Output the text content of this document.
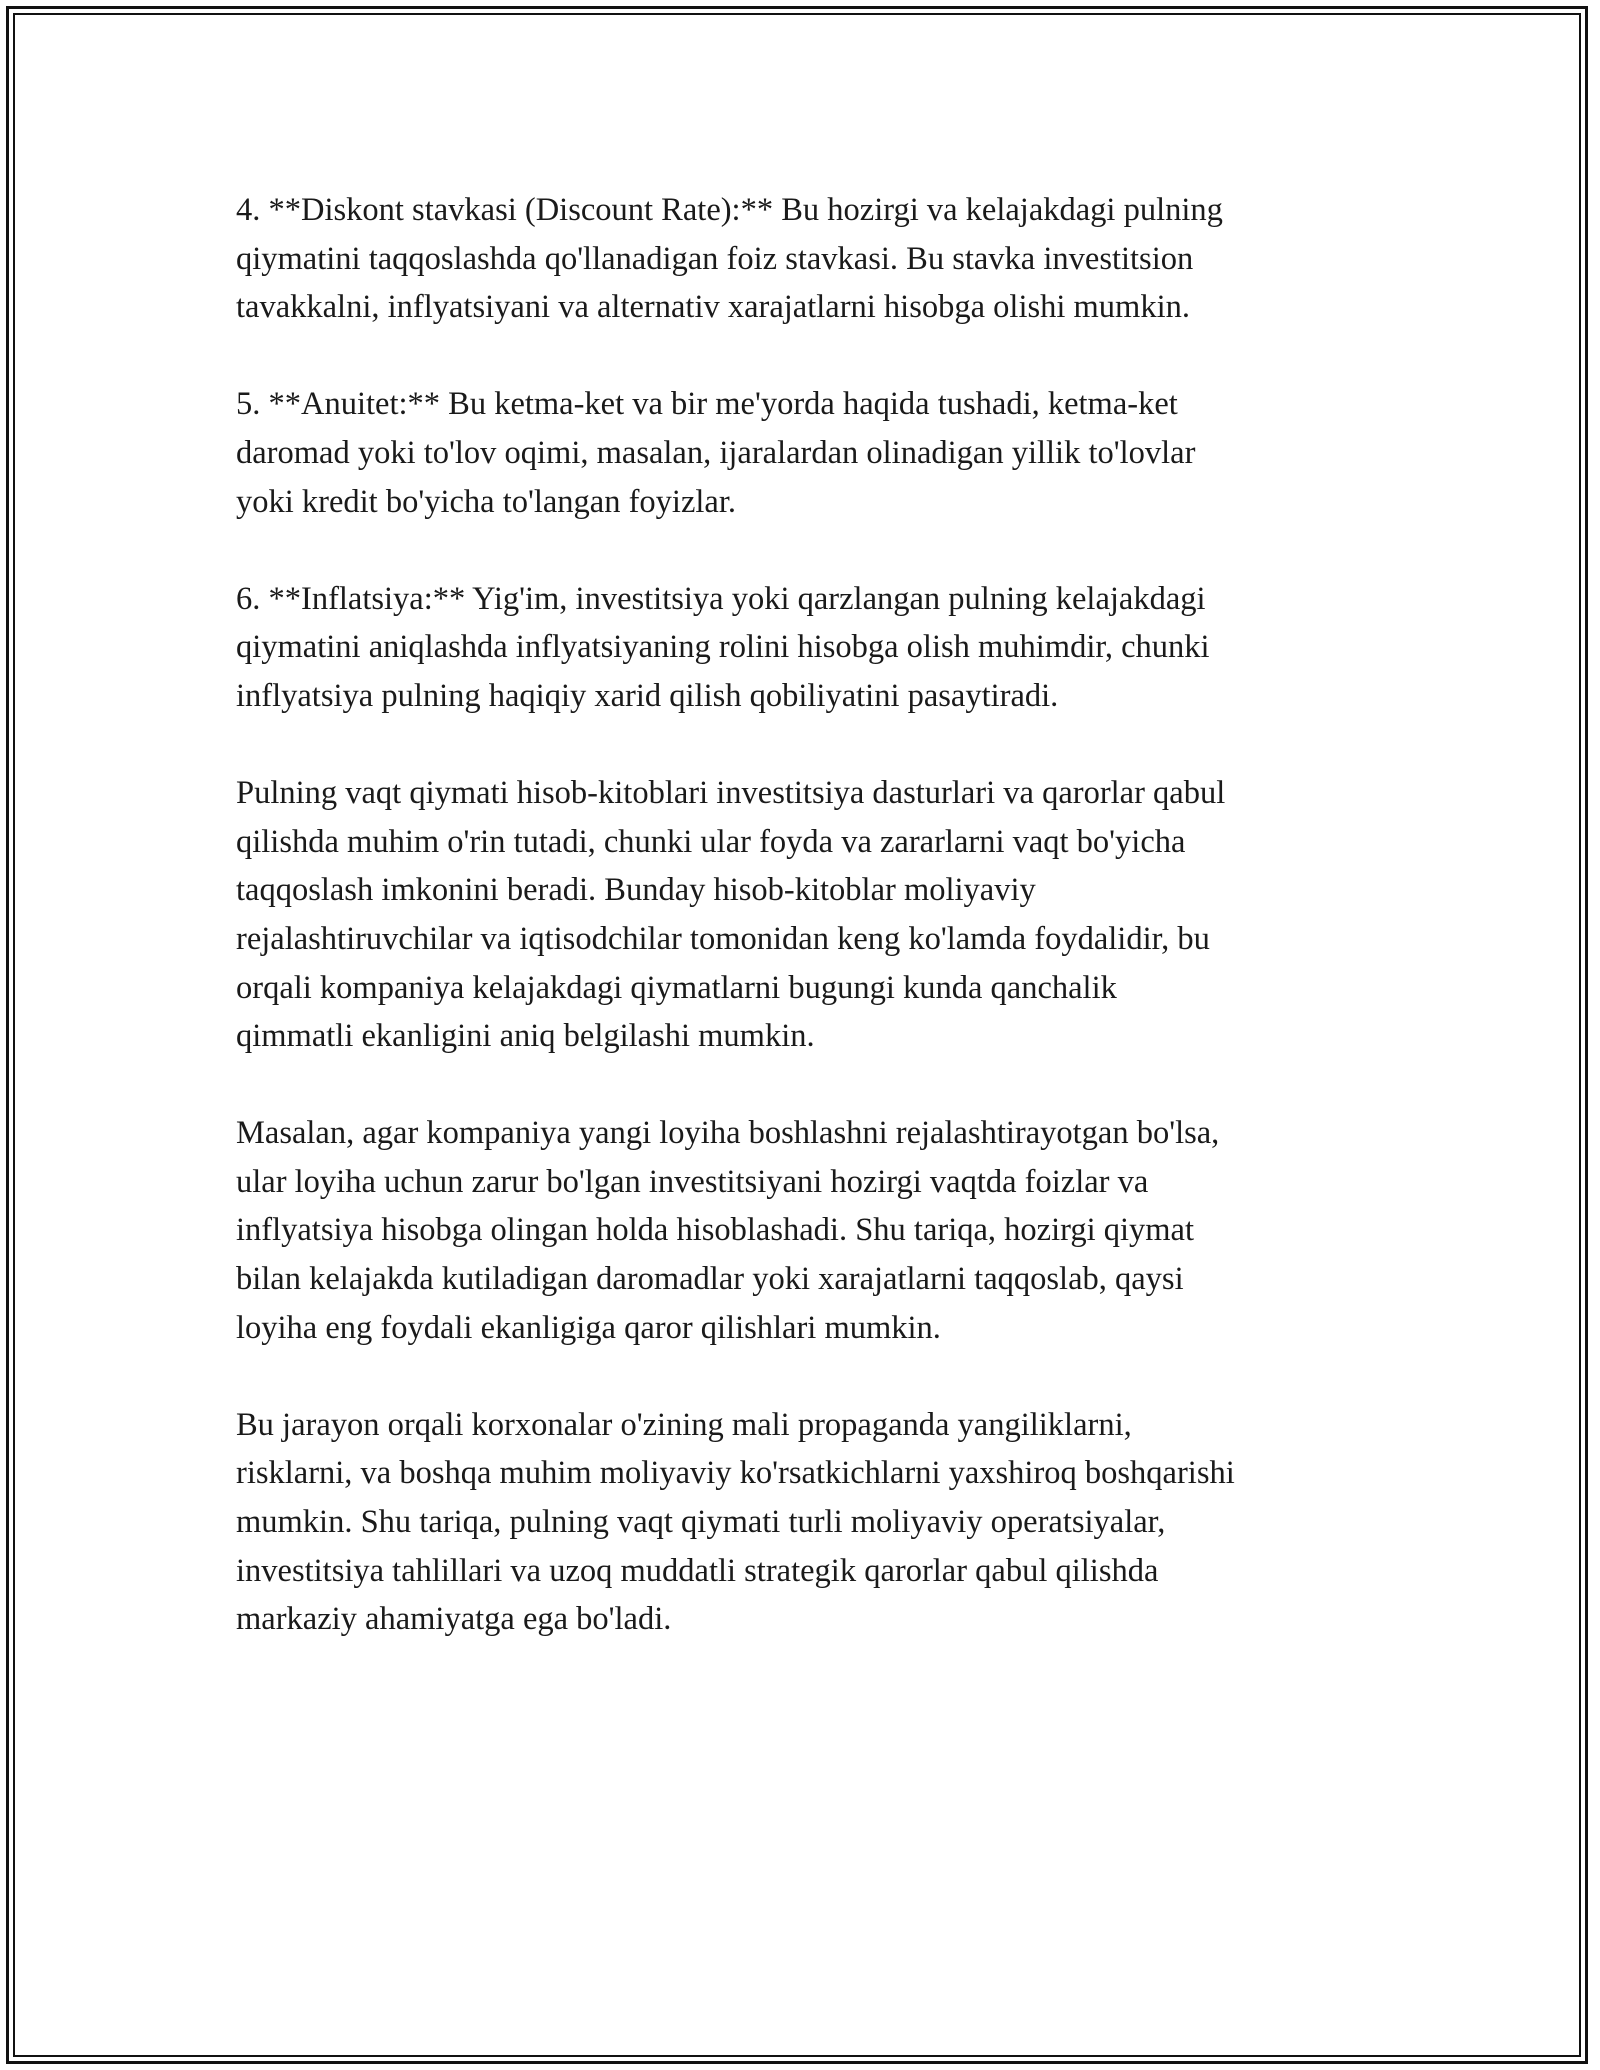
4. **Diskont stavkasi (Discount Rate):** Bu hozirgi va kelajakdagi pulning
qiymatini taqqoslashda qo'llanadigan foiz stavkasi. Bu stavka investitsion
tavakkalni, inflyatsiyani va alternativ xarajatlarni hisobga olishi mumkin.

5. **Anuitet:** Bu ketma-ket va bir me'yorda haqida tushadi, ketma-ket
daromad yoki to'lov oqimi, masalan, ijaralardan olinadigan yillik to'lovlar
yoki kredit bo'yicha to'langan foyizlar.

6. **Inflatsiya:** Yig'im, investitsiya yoki qarzlangan pulning kelajakdagi
qiymatini aniqlashda inflyatsiyaning rolini hisobga olish muhimdir, chunki
inflyatsiya pulning haqiqiy xarid qilish qobiliyatini pasaytiradi.

Pulning vaqt qiymati hisob-kitoblari investitsiya dasturlari va qarorlar qabul
qilishda muhim o'rin tutadi, chunki ular foyda va zararlarni vaqt bo'yicha
taqqoslash imkonini beradi. Bunday hisob-kitoblar moliyaviy
rejalashtiruvchilar va iqtisodchilar tomonidan keng ko'lamda foydalidir, bu
orqali kompaniya kelajakdagi qiymatlarni bugungi kunda qanchalik
qimmatli ekanligini aniq belgilashi mumkin.

Masalan, agar kompaniya yangi loyiha boshlashni rejalashtirayotgan bo'lsa,
ular loyiha uchun zarur bo'lgan investitsiyani hozirgi vaqtda foizlar va
inflyatsiya hisobga olingan holda hisoblashadi. Shu tariqa, hozirgi qiymat
bilan kelajakda kutiladigan daromadlar yoki xarajatlarni taqqoslab, qaysi
loyiha eng foydali ekanligiga qaror qilishlari mumkin.

Bu jarayon orqali korxonalar o'zining mali propaganda yangiliklarni,
risklarni, va boshqa muhim moliyaviy ko'rsatkichlarni yaxshiroq boshqarishi
mumkin. Shu tariqa, pulning vaqt qiymati turli moliyaviy operatsiyalar,
investitsiya tahlillari va uzoq muddatli strategik qarorlar qabul qilishda
markaziy ahamiyatga ega bo'ladi.
